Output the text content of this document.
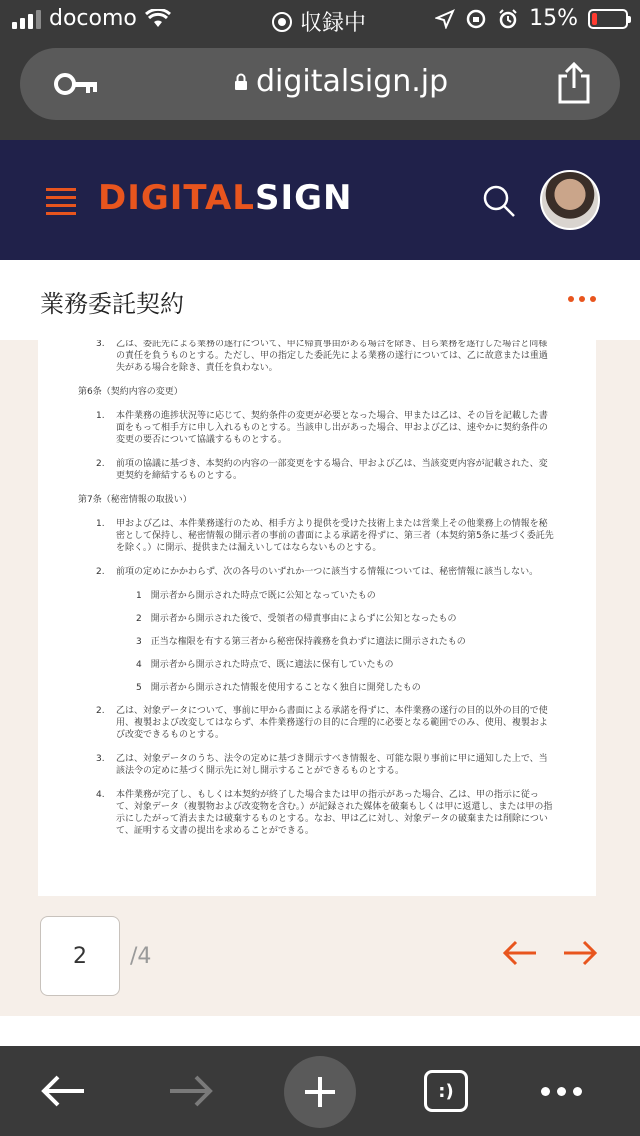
docomo	収録中	15%
digitalsign.jp
DIGITALSIGN
業務委託契約
3. 乙は、委託先による業務の遂行について、甲に帰責事由がある場合を除き、自ら業務を遂行した場合と同様の責任を負うものとする。ただし、甲の指定した委託先による業務の遂行については、乙に故意または重過失がある場合を除き、責任を負わない。
第6条（契約内容の変更）
1. 本件業務の進捗状況等に応じて、契約条件の変更が必要となった場合、甲または乙は、その旨を記載した書面をもって相手方に申し入れるものとする。当該申し出があった場合、甲および乙は、速やかに契約条件の変更の要否について協議するものとする。
2. 前項の協議に基づき、本契約の内容の一部変更をする場合、甲および乙は、当該変更内容が記載された、変更契約を締結するものとする。
第7条（秘密情報の取扱い）
1. 甲および乙は、本件業務遂行のため、相手方より提供を受けた技術上または営業上その他業務上の情報を秘密として保持し、秘密情報の開示者の事前の書面による承諾を得ずに、第三者（本契約第5条に基づく委託先を除く。）に開示、提供または漏えいしてはならないものとする。
2. 前項の定めにかかわらず、次の各号のいずれか一つに該当する情報については、秘密情報に該当しない。
1　開示者から開示された時点で既に公知となっていたもの
2　開示者から開示された後で、受領者の帰責事由によらずに公知となったもの
3　正当な権限を有する第三者から秘密保持義務を負わずに適法に開示されたもの
4　開示者から開示された時点で、既に適法に保有していたもの
5　開示者から開示された情報を使用することなく独自に開発したもの
2. 乙は、対象データについて、事前に甲から書面による承諾を得ずに、本件業務の遂行の目的以外の目的で使用、複製および改変してはならず、本件業務遂行の目的に合理的に必要となる範囲でのみ、使用、複製および改変できるものとする。
3. 乙は、対象データのうち、法令の定めに基づき開示すべき情報を、可能な限り事前に甲に通知した上で、当該法令の定めに基づく開示先に対し開示することができるものとする。
4. 本件業務が完了し、もしくは本契約が終了した場合または甲の指示があった場合、乙は、甲の指示に従って、対象データ（複製物および改変物を含む。）が記録された媒体を破棄もしくは甲に返還し、または甲の指示にしたがって消去または破棄するものとする。なお、甲は乙に対し、対象データの破棄または削除について、証明する文書の提出を求めることができる。
2	/4
:)
